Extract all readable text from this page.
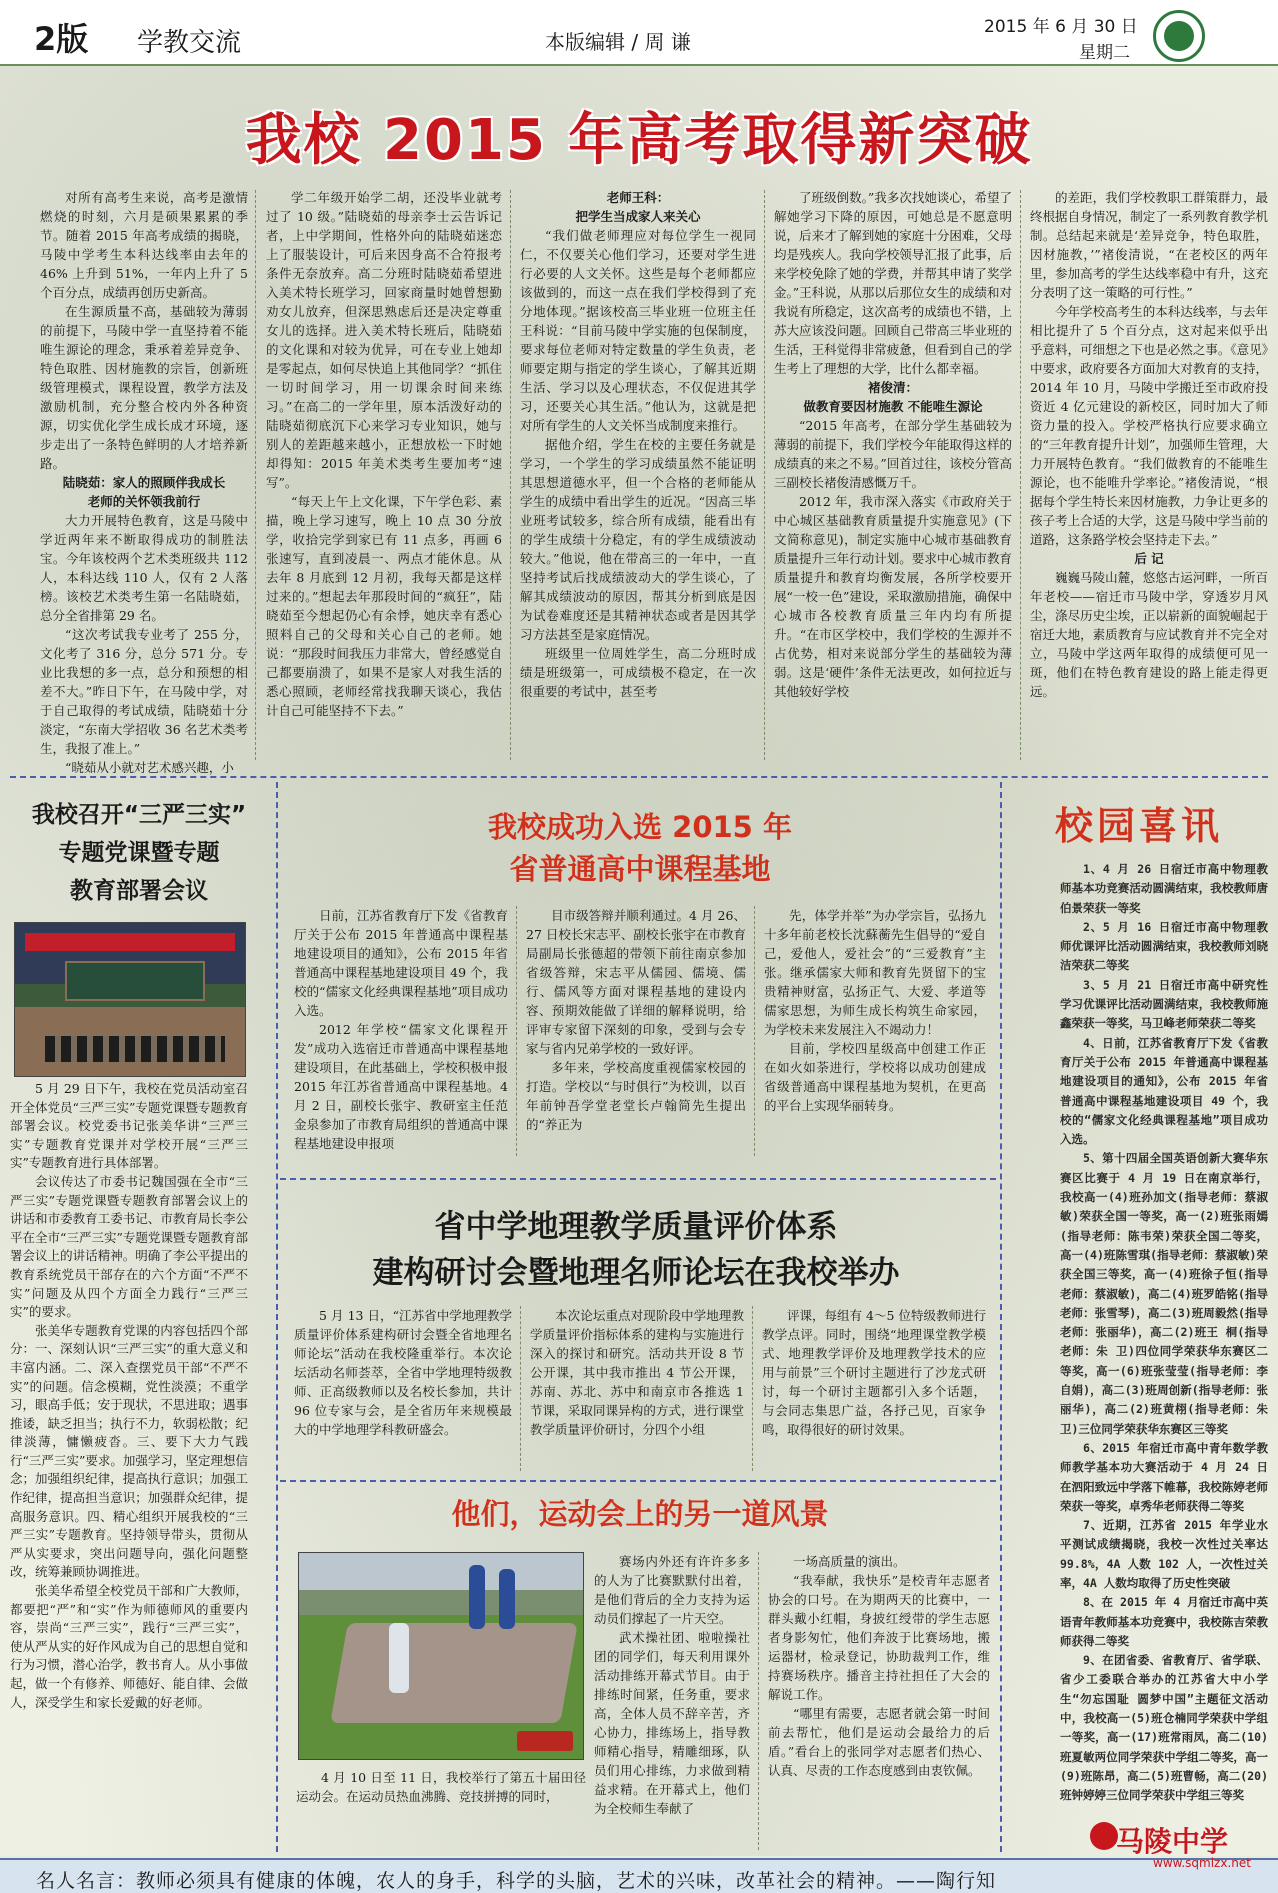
2版 学教交流	本版编辑 / 周 谦
2015 年 6 月 30 日
星期二
我校 2015 年高考取得新突破

对所有高考生来说，高考是激情燃烧的时刻，六月是硕果累累的季节。随着 2015 年高考成绩的揭晓，马陵中学考生本科达线率由去年的 46% 上升到 51%，一年内上升了 5 个百分点，成绩再创历史新高。

在生源质量不高，基础较为薄弱的前提下，马陵中学一直坚持着不能唯生源论的理念，秉承着差异竞争、特色取胜、因材施教的宗旨，创新班级管理模式，课程设置，教学方法及激励机制，充分整合校内外各种资源，切实优化学生成长成才环境，逐步走出了一条特色鲜明的人才培养新路。

陆晓茹：家人的照顾伴我成长

老师的关怀领我前行

大力开展特色教育，这是马陵中学近两年来不断取得成功的制胜法宝。今年该校两个艺术类班级共 112 人，本科达线 110 人，仅有 2 人落榜。该校艺术类考生第一名陆晓茹，总分全省排第 29 名。

“这次考试我专业考了 255 分，文化考了 316 分，总分 571 分。专业比我想的多一点，总分和预想的相差不大。”昨日下午，在马陵中学，对于自己取得的考试成绩，陆晓茹十分淡定，“东南大学招收 36 名艺术类考生，我报了准上。”

“晓茹从小就对艺术感兴趣，小

学二年级开始学二胡，还没毕业就考过了 10 级。”陆晓茹的母亲李士云告诉记者，上中学期间，性格外向的陆晓茹迷恋上了服装设计，可后来因身高不合符报考条件无奈放弃。高二分班时陆晓茹希望进入美术特长班学习，回家商量时她曾想勤劝女儿放弃，但深思熟虑后还是决定尊重女儿的选择。进入美术特长班后，陆晓茹的文化课和对较为优异，可在专业上她却是零起点，如何尽快追上其他同学？“抓住一切时间学习，用一切课余时间来练习。”在高二的一学年里，原本活泼好动的陆晓茹彻底沉下心来学习专业知识，她与别人的差距越来越小，正想放松一下时她却得知：2015 年美术类考生要加考“速写”。

“每天上午上文化课，下午学色彩、素描，晚上学习速写，晚上 10 点 30 分放学，收拾完学到家已有 11 点多，再画 6 张速写，直到凌晨一、两点才能休息。从去年 8 月底到 12 月初，我每天都是这样过来的。”想起去年那段时间的“疯狂”，陆晓茹至今想起仍心有余悸，她庆幸有悉心照料自己的父母和关心自己的老师。她说：“那段时间我压力非常大，曾经感觉自己都要崩溃了，如果不是家人对我生活的悉心照顾，老师经常找我聊天谈心，我估计自己可能坚持不下去。”

老师王科：

把学生当成家人来关心

“我们做老师理应对每位学生一视同仁，不仅要关心他们学习，还要对学生进行必要的人文关怀。这些是每个老师都应该做到的，而这一点在我们学校得到了充分地体现。”据该校高三毕业班一位班主任王科说：“目前马陵中学实施的包保制度，要求每位老师对特定数量的学生负责，老师要定期与指定的学生谈心，了解其近期生活、学习以及心理状态，不仅促进其学习，还要关心其生活。”他认为，这就是把对所有学生的人文关怀当成制度来推行。

据他介绍，学生在校的主要任务就是学习，一个学生的学习成绩虽然不能证明其思想道德水平，但一个合格的老师能从学生的成绩中看出学生的近况。“因高三毕业班考试较多，综合所有成绩，能看出有的学生成绩十分稳定，有的学生成绩波动较大。”他说，他在带高三的一年中，一直坚持考试后找成绩波动大的学生谈心，了解其成绩波动的原因，帮其分析到底是因为试卷难度还是其精神状态或者是因其学习方法甚至是家庭情况。

班级里一位周姓学生，高二分班时成绩是班级第一，可成绩极不稳定，在一次很重要的考试中，甚至考

了班级倒数。”我多次找她谈心，希望了解她学习下降的原因，可她总是不愿意明说，后来才了解到她的家庭十分困难，父母均是残疾人。我向学校领导汇报了此事，后来学校免除了她的学费，并帮其申请了奖学金。”王科说，从那以后那位女生的成绩和对我说有所稳定，这次高考的成绩也不错，上苏大应该没问题。回顾自己带高三毕业班的生活，王科觉得非常疲惫，但看到自己的学生考上了理想的大学，比什么都幸福。

褚俊清：

做教育要因材施教 不能唯生源论

“2015 年高考，在部分学生基础较为薄弱的前提下，我们学校今年能取得这样的成绩真的来之不易。”回首过往，该校分管高三副校长褚俊清感慨万千。

2012 年，我市深入落实《市政府关于中心城区基础教育质量提升实施意见》(下文简称意见)，制定实施中心城市基础教育质量提升三年行动计划。要求中心城市教育质量提升和教育均衡发展，各所学校要开展“一校一色”建设，采取激励措施，确保中心城市各校教育质量三年内均有所提升。“在市区学校中，我们学校的生源并不占优势，相对来说部分学生的基础较为薄弱。这是‘硬件’条件无法更改，如何拉近与其他较好学校

的差距，我们学校教职工群策群力，最终根据自身情况，制定了一系列教育教学机制。总结起来就是‘差异竞争，特色取胜，因材施教，’”褚俊清说，“在老校区的两年里，参加高考的学生达线率稳中有升，这充分表明了这一策略的可行性。”

今年学校高考生的本科达线率，与去年相比提升了 5 个百分点，这对起来似乎出乎意料，可细想之下也是必然之事。《意见》中要求，政府要各方面加大对教育的支持，2014 年 10 月，马陵中学搬迁至市政府投资近 4 亿元建设的新校区，同时加大了师资力量的投入。学校严格执行应要求确立的“三年教育提升计划”，加强师生管理，大力开展特色教育。“我们做教育的不能唯生源论，也不能唯升学率论。”褚俊清说，“根据每个学生特长来因材施教，力争让更多的孩子考上合适的大学，这是马陵中学当前的道路，这条路学校会坚持走下去。”

后 记

巍巍马陵山麓，悠悠古运河畔，一所百年老校——宿迁市马陵中学，穿透岁月风尘，涤尽历史尘埃，正以崭新的面貌崛起于宿迁大地，素质教育与应试教育并不完全对立，马陵中学这两年取得的成绩便可见一斑，他们在特色教育建设的路上能走得更远。

我校召开“三严三实”
专题党课暨专题
教育部署会议

5 月 29 日下午，我校在党员活动室召开全体党员“三严三实”专题党课暨专题教育部署会议。校党委书记张美华讲“三严三实”专题教育党课并对学校开展“三严三实”专题教育进行具体部署。

会议传达了市委书记魏国强在全市“三严三实”专题党课暨专题教育部署会议上的讲话和市委教育工委书记、市教育局长李公平在全市“三严三实”专题党课暨专题教育部署会议上的讲话精神。明确了李公平提出的教育系统党员干部存在的六个方面“不严不实”问题及从四个方面全力践行“三严三实”的要求。

张美华专题教育党课的内容包括四个部分：一、深刻认识“三严三实”的重大意义和丰富内涵。二、深入查摆党员干部“不严不实”的问题。信念模糊，党性淡漠；不重学习，眼高手低；安于现状，不思进取；遇事推诿，缺乏担当；执行不力，软弱松散；纪律淡薄，慵懒疲沓。三、要下大力气践行“三严三实”要求。加强学习，坚定理想信念；加强组织纪律，提高执行意识；加强工作纪律，提高担当意识；加强群众纪律，提高服务意识。四、精心组织开展我校的“三严三实”专题教育。坚持领导带头，贯彻从严从实要求，突出问题导向，强化问题整改，统筹兼顾协调推进。

张美华希望全校党员干部和广大教师，都要把“严”和“实”作为师德师风的重要内容，崇尚“三严三实”，践行“三严三实”，使从严从实的好作风成为自己的思想自觉和行为习惯，潜心治学，教书育人。从小事做起，做一个有修养、师德好、能自律、会做人，深受学生和家长爱戴的好老师。

我校成功入选 2015 年
省普通高中课程基地

日前，江苏省教育厅下发《省教育厅关于公布 2015 年普通高中课程基地建设项目的通知》，公布 2015 年省普通高中课程基地建设项目 49 个，我校的“儒家文化经典课程基地”项目成功入选。

2012 年学校“儒家文化课程开发”成功入选宿迁市普通高中课程基地建设项目，在此基础上，学校积极申报 2015 年江苏省普通高中课程基地。4 月 2 日，副校长张宇、教研室主任范金泉参加了市教育局组织的普通高中课程基地建设申报项

目市级答辩并顺利通过。4 月 26、27 日校长宋志平、副校长张宇在市教育局副局长张德超的带领下前往南京参加省级答辩，宋志平从儒园、儒境、儒行、儒风等方面对课程基地的建设内容、预期效能做了详细的解释说明，给评审专家留下深刻的印象，受到与会专家与省内兄弟学校的一致好评。

多年来，学校高度重视儒家校园的打造。学校以“与时俱行”为校训，以百年前钟吾学堂老堂长卢翰简先生提出的“养正为

先，体学并举”为办学宗旨，弘扬九十多年前老校长沈蘇蘅先生倡导的“爱自己，爱他人，爱社会”的“三爱教育”主张。继承儒家大师和教育先贤留下的宝贵精神财富，弘扬正气、大爱、孝道等儒家思想，为师生成长构筑生命家园，为学校未来发展注入不竭动力！

目前，学校四星级高中创建工作正在如火如荼进行，学校将以成功创建成省级普通高中课程基地为契机，在更高的平台上实现华丽转身。

省中学地理教学质量评价体系
建构研讨会暨地理名师论坛在我校举办

5 月 13 日，“江苏省中学地理教学质量评价体系建构研讨会暨全省地理名师论坛”活动在我校隆重举行。本次论坛活动名师荟萃，全省中学地理特级教师、正高级教师以及名校长参加，共计 96 位专家与会，是全省历年来规模最大的中学地理学科教研盛会。

本次论坛重点对现阶段中学地理教学质量评价指标体系的建构与实施进行深入的探讨和研究。活动共开设 8 节公开课，其中我市推出 4 节公开课，苏南、苏北、苏中和南京市各推选 1 节课，采取同课异构的方式，进行课堂教学质量评价研讨，分四个小组

评课，每组有 4～5 位特级教师进行教学点评。同时，围绕“地理课堂教学模式、地理教学评价及地理教学技术的应用与前景”三个研讨主题进行了沙龙式研讨，每一个研讨主题都引入多个话题，与会同志集思广益，各抒己见，百家争鸣，取得很好的研讨效果。

他们，运动会上的另一道风景

4 月 10 日至 11 日，我校举行了第五十届田径运动会。在运动员热血沸腾、竞技拼搏的同时，

赛场内外还有许许多多的人为了比赛默默付出着，是他们背后的全力支持为运动员们撑起了一片天空。

武术操社团、啦啦操社团的同学们，每天利用课外活动排练开幕式节目。由于排练时间紧，任务重，要求高，全体人员不辞辛苦，齐心协力，排练场上，指导教师精心指导，精雕细琢，队员们用心排练，力求做到精益求精。在开幕式上，他们为全校师生奉献了

一场高质量的演出。

“我奉献，我快乐”是校青年志愿者协会的口号。在为期两天的比赛中，一群头戴小红帽，身披红绶带的学生志愿者身影匆忙，他们奔波于比赛场地，搬运器材，检录登记，协助裁判工作，维持赛场秩序。播音主持社担任了大会的解说工作。

“哪里有需要，志愿者就会第一时间前去帮忙，他们是运动会最给力的后盾。”看台上的张同学对志愿者们热心、认真、尽责的工作态度感到由衷钦佩。

校园喜讯

1、4 月 26 日宿迁市高中物理教师基本功竞赛活动圆满结束，我校教师唐伯景荣获一等奖

2、5 月 16 日宿迁市高中物理教师优课评比活动圆满结束，我校教师刘晓洁荣获二等奖

3、5 月 21 日宿迁市高中研究性学习优课评比活动圆满结束，我校教师施鑫荣获一等奖，马卫峰老师荣获二等奖

4、日前，江苏省教育厅下发《省教育厅关于公布 2015 年普通高中课程基地建设项目的通知》，公布 2015 年省普通高中课程基地建设项目 49 个，我校的“儒家文化经典课程基地”项目成功入选。

5、第十四届全国英语创新大赛华东赛区比赛于 4 月 19 日在南京举行，我校高一(4)班孙加文(指导老师：蔡淑敏)荣获全国一等奖，高一(2)班张雨嫣(指导老师：陈韦荣)荣获全国二等奖，高一(4)班陈雪琪(指导老师：蔡淑敏)荣获全国三等奖，高一(4)班徐子恒(指导老师：蔡淑敏)，高二(4)班罗皓铭(指导老师：张雪琴)，高二(3)班周毅然(指导老师：张丽华)，高二(2)班王 桐(指导老师：朱 卫)四位同学荣获华东赛区二等奖，高一(6)班张莹莹(指导老师：李自娟)，高二(3)班周创新(指导老师：张丽华)，高二(2)班黄栩(指导老师：朱卫)三位同学荣获华东赛区三等奖

6、2015 年宿迁市高中青年数学教师教学基本功大赛活动于 4 月 24 日在泗阳致远中学落下帷幕，我校陈婷老师荣获一等奖，卓秀华老师获得二等奖

7、近期，江苏省 2015 年学业水平测试成绩揭晓，我校一次性过关率达 99.8%，4A 人数 102 人，一次性过关率，4A 人数均取得了历史性突破

8、在 2015 年 4 月宿迁市高中英语青年教师基本功竞赛中，我校陈吉荣教师获得二等奖

9、在团省委、省教育厅、省学联、省少工委联合举办的江苏省大中小学生“勿忘国耻 圆梦中国”主题征文活动中，我校高一(5)班仓楠同学荣获中学组一等奖，高一(17)班常雨凤，高二(10)班夏敏两位同学荣获中学组二等奖，高一(9)班陈昂，高二(5)班曹畅，高二(20)班钟婷婷三位同学荣获中学组三等奖

名人名言：教师必须具有健康的体魄，农人的身手，科学的头脑，艺术的兴味，改革社会的精神。——陶行知
马陵中学
www.sqmlzx.net
